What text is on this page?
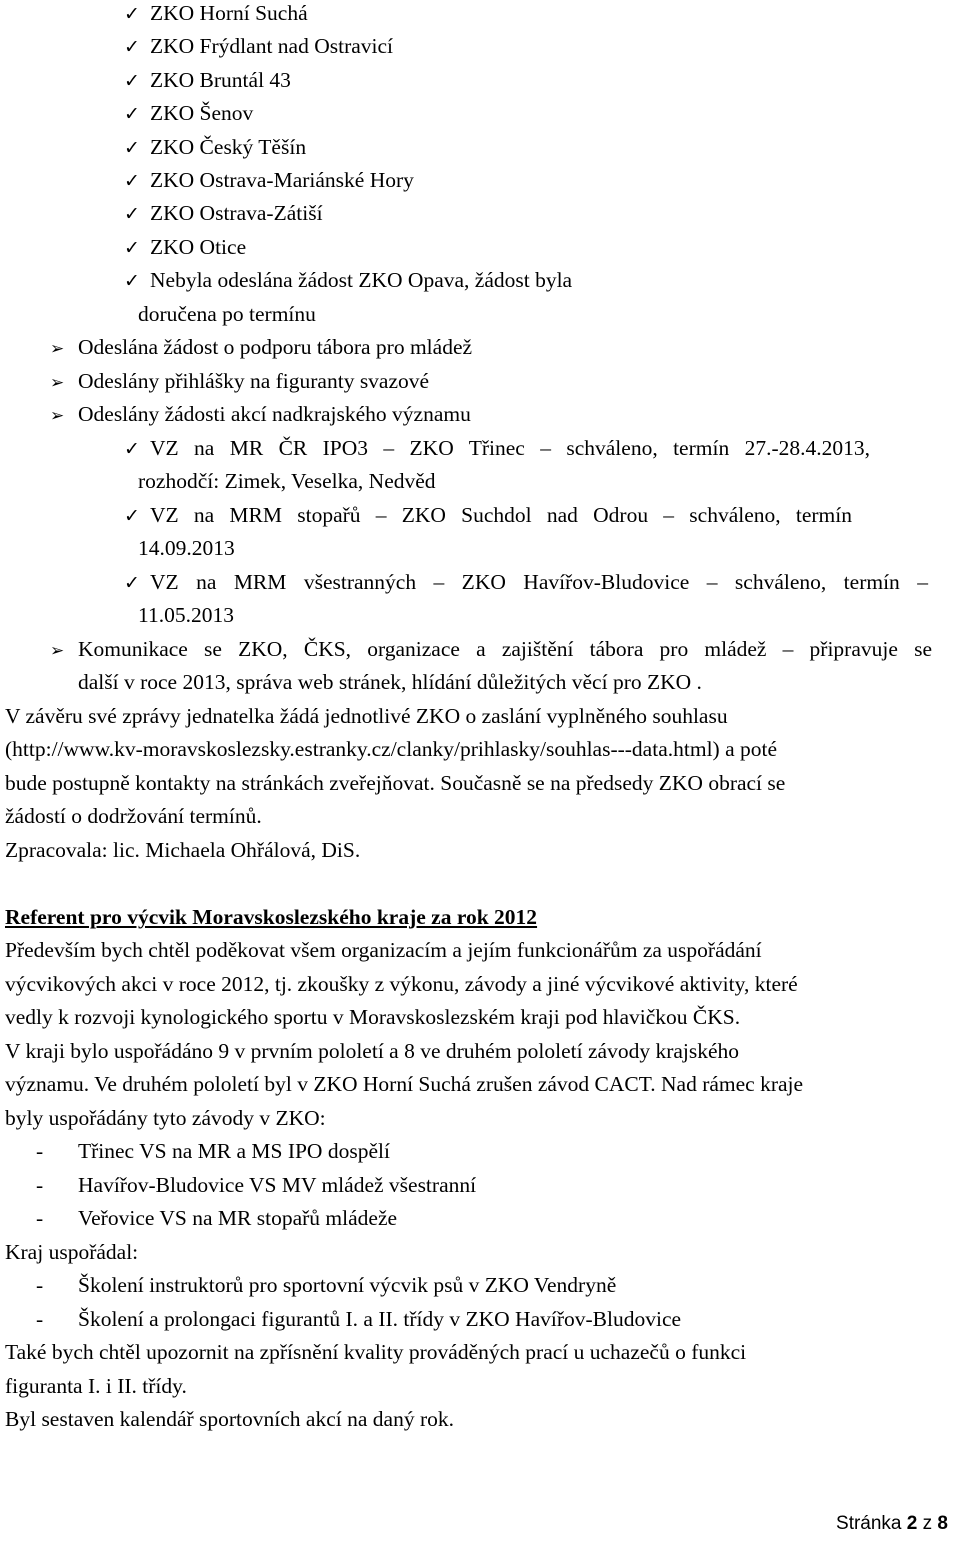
✓ ZKO Horní Suchá
✓ ZKO Frýdlant nad Ostravicí
✓ ZKO Bruntál 43
✓ ZKO Šenov
✓ ZKO Český Těšín
✓ ZKO Ostrava-Mariánské Hory
✓ ZKO Ostrava-Zátiší
✓ ZKO Otice
✓ Nebyla odeslána žádost ZKO Opava, žádost byla
doručena po termínu
➢ Odeslána žádost o podporu tábora pro mládež
➢ Odeslány přihlášky na figuranty svazové
➢ Odeslány žádosti akcí nadkrajského významu
✓ VZ na MR ČR IPO3 – ZKO Třinec – schváleno, termín 27.-28.4.2013,
rozhodčí: Zimek, Veselka, Nedvěd
✓ VZ na MRM stopařů – ZKO Suchdol nad Odrou – schváleno, termín
14.09.2013
✓ VZ na MRM všestranných – ZKO Havířov-Bludovice – schváleno, termín –
11.05.2013
➢ Komunikace se ZKO, ČKS, organizace a zajištění tábora pro mládež – připravuje se
další v roce 2013, správa web stránek, hlídání důležitých věcí pro ZKO .
V závěru své zprávy jednatelka žádá jednotlivé ZKO o zaslání vyplněného souhlasu
(http://www.kv-moravskoslezsky.estranky.cz/clanky/prihlasky/souhlas---data.html) a poté
bude postupně kontakty na stránkách zveřejňovat. Současně se na předsedy ZKO obrací se
žádostí o dodržování termínů.
Zpracovala: lic. Michaela Ohřálová, DiS.
Referent pro výcvik Moravskoslezského kraje za rok 2012
Především bych chtěl poděkovat všem organizacím a jejím funkcionářům za uspořádání
výcvikových akci v roce 2012, tj. zkoušky z výkonu, závody a jiné výcvikové aktivity, které
vedly k rozvoji kynologického sportu v Moravskoslezském kraji pod hlavičkou ČKS.
V kraji bylo uspořádáno 9 v prvním pololetí a 8 ve druhém pololetí závody krajského
významu. Ve druhém pololetí byl v ZKO Horní Suchá zrušen závod CACT. Nad rámec kraje
byly uspořádány tyto závody v ZKO:
- Třinec VS na MR a MS IPO dospělí
- Havířov-Bludovice VS MV mládež všestranní
- Veřovice VS na MR stopařů mládeže
Kraj uspořádal:
- Školení instruktorů pro sportovní výcvik psů v ZKO Vendryně
- Školení a prolongaci figurantů I. a II. třídy v ZKO Havířov-Bludovice
Také bych chtěl upozornit na zpřísnění kvality prováděných prací u uchazečů o funkci
figuranta I. i II. třídy.
Byl sestaven kalendář sportovních akcí na daný rok.
Stránka 2 z 8
